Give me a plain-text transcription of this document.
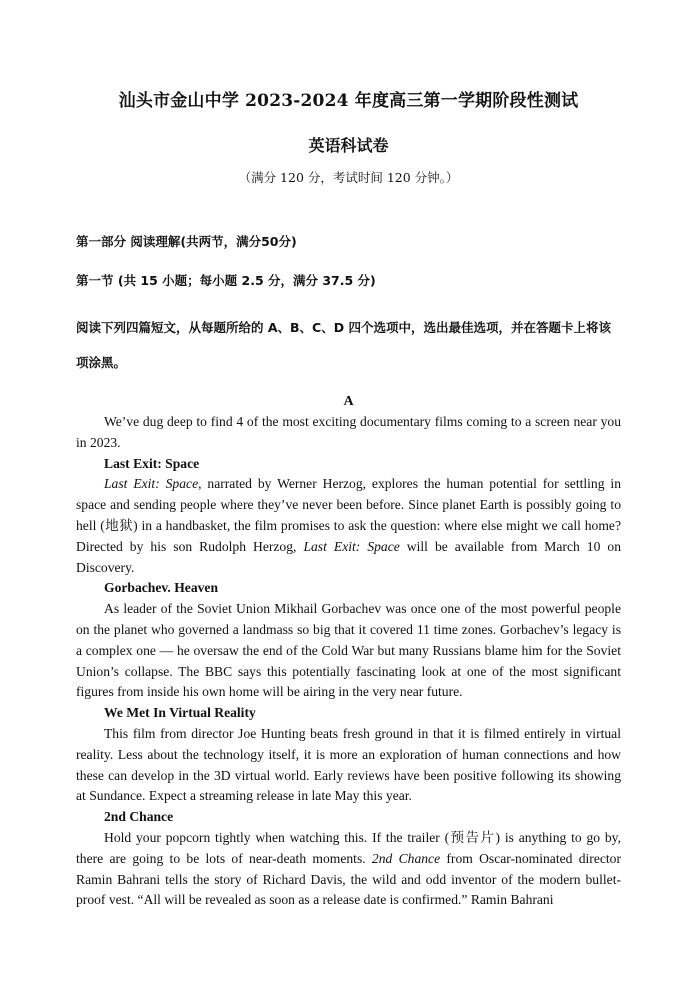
汕头市金山中学 2023-2024 年度高三第一学期阶段性测试
英语科试卷
（满分 120 分，考试时间 120 分钟。）
第一部分 阅读理解(共两节，满分50分)
第一节 (共 15 小题；每小题 2.5 分，满分 37.5 分)
阅读下列四篇短文，从每题所给的 A、B、C、D 四个选项中，选出最佳选项，并在答题卡上将该项涂黑。
A

We’ve dug deep to find 4 of the most exciting documentary films coming to a screen near you in 2023.

Last Exit: Space

Last Exit: Space, narrated by Werner Herzog, explores the human potential for settling in space and sending people where they’ve never been before. Since planet Earth is possibly going to hell (地狱) in a handbasket, the film promises to ask the question: where else might we call home? Directed by his son Rudolph Herzog, Last Exit: Space will be available from March 10 on Discovery.

Gorbachev. Heaven

As leader of the Soviet Union Mikhail Gorbachev was once one of the most powerful people on the planet who governed a landmass so big that it covered 11 time zones. Gorbachev’s legacy is a complex one — he oversaw the end of the Cold War but many Russians blame him for the Soviet Union’s collapse. The BBC says this potentially fascinating look at one of the most significant figures from inside his own home will be airing in the very near future.

We Met In Virtual Reality

This film from director Joe Hunting beats fresh ground in that it is filmed entirely in virtual reality. Less about the technology itself, it is more an exploration of human connections and how these can develop in the 3D virtual world. Early reviews have been positive following its showing at Sundance. Expect a streaming release in late May this year.

2nd Chance

Hold your popcorn tightly when watching this. If the trailer (预告片) is anything to go by, there are going to be lots of near-death moments. 2nd Chance from Oscar-nominated director Ramin Bahrani tells the story of Richard Davis, the wild and odd inventor of the modern bullet-proof vest. “All will be revealed as soon as a release date is confirmed.” Ramin Bahrani
